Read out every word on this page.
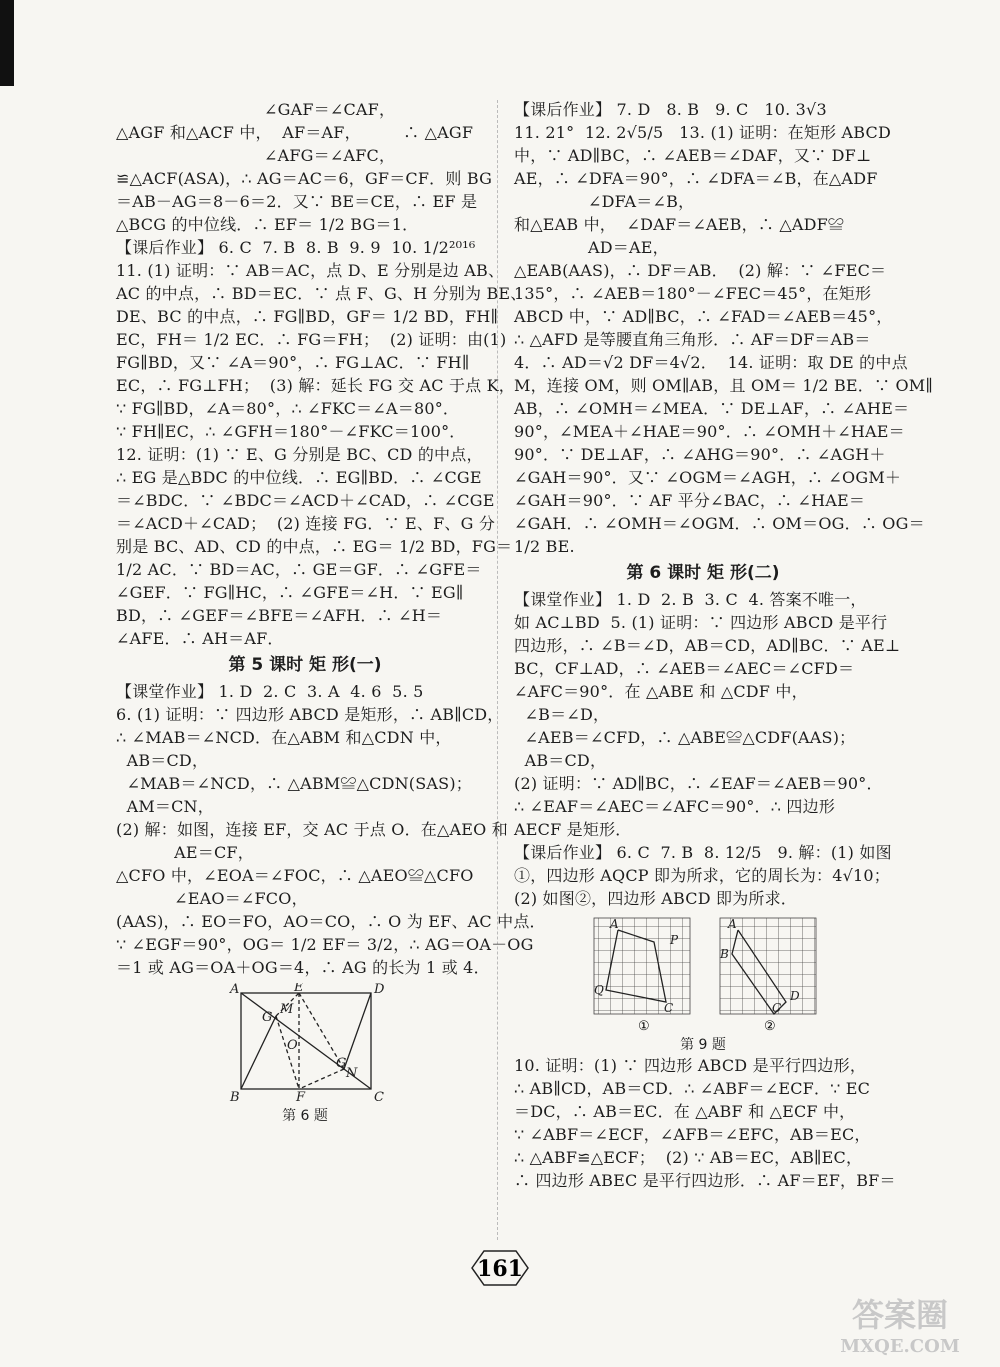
∠GAF＝∠CAF，
△AGF 和△ACF 中，  AF＝AF，        ∴ △AGF
∠AFG＝∠AFC，
≌△ACF(ASA)，∴ AG＝AC＝6，GF＝CF．则 BG
＝AB－AG＝8－6＝2．又∵ BE＝CE，∴ EF 是
△BCG 的中位线．∴ EF＝ 1/2 BG＝1．
【课后作业】 6. C  7. B  8. B  9. 9  10. 1/2²⁰¹⁶
11. (1) 证明：∵ AB＝AC，点 D、E 分别是边 AB、
AC 的中点，∴ BD＝EC．∵ 点 F、G、H 分别为 BE、
DE、BC 的中点，∴ FG∥BD，GF＝ 1/2 BD，FH∥
EC，FH＝ 1/2 EC．∴ FG＝FH；  (2) 证明：由(1)
FG∥BD，又∵ ∠A＝90°，∴ FG⊥AC．∵ FH∥
EC，∴ FG⊥FH；  (3) 解：延长 FG 交 AC 于点 K，
∵ FG∥BD，∠A＝80°，∴ ∠FKC＝∠A＝80°．
∵ FH∥EC，∴ ∠GFH＝180°－∠FKC＝100°．
12. 证明：(1) ∵ E、G 分别是 BC、CD 的中点，
∴ EG 是△BDC 的中位线．∴ EG∥BD．∴ ∠CGE
＝∠BDC．∵ ∠BDC＝∠ACD＋∠CAD，∴ ∠CGE
＝∠ACD＋∠CAD；  (2) 连接 FG．∵ E、F、G 分
别是 BC、AD、CD 的中点，∴ EG＝ 1/2 BD，FG＝
1/2 AC．∵ BD＝AC，∴ GE＝GF．∴ ∠GFE＝
∠GEF．∵ FG∥HC，∴ ∠GFE＝∠H．∵ EG∥
BD，∴ ∠GEF＝∠BFE＝∠AFH．∴ ∠H＝
∠AFE．∴ AH＝AF．
第 5 课时 矩 形(一)
【课堂作业】 1. D  2. C  3. A  4. 6  5. 5
6. (1) 证明：∵ 四边形 ABCD 是矩形，∴ AB∥CD，
∴ ∠MAB＝∠NCD．在△ABM 和△CDN 中，
AB＝CD，
∠MAB＝∠NCD，∴ △ABM≌△CDN(SAS)；
AM＝CN，
(2) 解：如图，连接 EF，交 AC 于点 O．在△AEO 和
AE＝CF，
△CFO 中，∠EOA＝∠FOC，∴ △AEO≌△CFO
∠EAO＝∠FCO，
(AAS)，∴ EO＝FO，AO＝CO，∴ O 为 EF、AC 中点．
∵ ∠EGF＝90°，OG＝ 1/2 EF＝ 3/2，∴ AG＝OA－OG
＝1 或 AG＝OA＋OG＝4，∴ AG 的长为 1 或 4．
A	E	D
G
M
O
G
N
B	F	C
第 6 题
【课后作业】 7. D   8. B   9. C   10. 3√3
11. 21°  12. 2√5/5   13. (1) 证明：在矩形 ABCD
中，∵ AD∥BC，∴ ∠AEB＝∠DAF，又∵ DF⊥
AE，∴ ∠DFA＝90°，∴ ∠DFA＝∠B，在△ADF
∠DFA＝∠B，
和△EAB 中，  ∠DAF＝∠AEB，∴ △ADF≌
AD＝AE，
△EAB(AAS)，∴ DF＝AB．  (2) 解：∵ ∠FEC＝
135°，∴ ∠AEB＝180°－∠FEC＝45°，在矩形
ABCD 中，∵ AD∥BC，∴ ∠FAD＝∠AEB＝45°，
∴ △AFD 是等腰直角三角形．∴ AF＝DF＝AB＝
4．∴ AD＝√2 DF＝4√2．  14. 证明：取 DE 的中点
M，连接 OM，则 OM∥AB，且 OM＝ 1/2 BE．∵ OM∥
AB，∴ ∠OMH＝∠MEA．∵ DE⊥AF，∴ ∠AHE＝
90°，∠MEA＋∠HAE＝90°．∴ ∠OMH＋∠HAE＝
90°．∵ DE⊥AF，∴ ∠AHG＝90°．∴ ∠AGH＋
∠GAH＝90°．又∵ ∠OGM＝∠AGH，∴ ∠OGM＋
∠GAH＝90°．∵ AF 平分∠BAC，∴ ∠HAE＝
∠GAH．∴ ∠OMH＝∠OGM．∴ OM＝OG．∴ OG＝
1/2 BE.
第 6 课时 矩 形(二)
【课堂作业】 1. D  2. B  3. C  4. 答案不唯一，
如 AC⊥BD  5. (1) 证明：∵ 四边形 ABCD 是平行
四边形，∴ ∠B＝∠D，AB＝CD，AD∥BC．∵ AE⊥
BC，CF⊥AD，∴ ∠AEB＝∠AEC＝∠CFD＝
∠AFC＝90°．在 △ABE 和 △CDF 中，
∠B＝∠D，
∠AEB＝∠CFD，∴ △ABE≌△CDF(AAS)；
AB＝CD，
(2) 证明：∵ AD∥BC，∴ ∠EAF＝∠AEB＝90°．
∴ ∠EAF＝∠AEC＝∠AFC＝90°．∴ 四边形
AECF 是矩形．
【课后作业】 6. C  7. B  8. 12/5   9. 解：(1) 如图
①，四边形 AQCP 即为所求，它的周长为：4√10；
(2) 如图②，四边形 ABCD 即为所求．
A
P
Q
C
A
B
C
D
①	②
第 9 题
10. 证明：(1) ∵ 四边形 ABCD 是平行四边形，
∴ AB∥CD，AB＝CD．∴ ∠ABF＝∠ECF．∵ EC
＝DC，∴ AB＝EC．在 △ABF 和 △ECF 中，
∵ ∠ABF＝∠ECF，∠AFB＝∠EFC，AB＝EC，
∴ △ABF≌△ECF；  (2) ∵ AB＝EC，AB∥EC，
∴ 四边形 ABEC 是平行四边形．∴ AF＝EF，BF＝
161
答案圈
MXQE.COM
